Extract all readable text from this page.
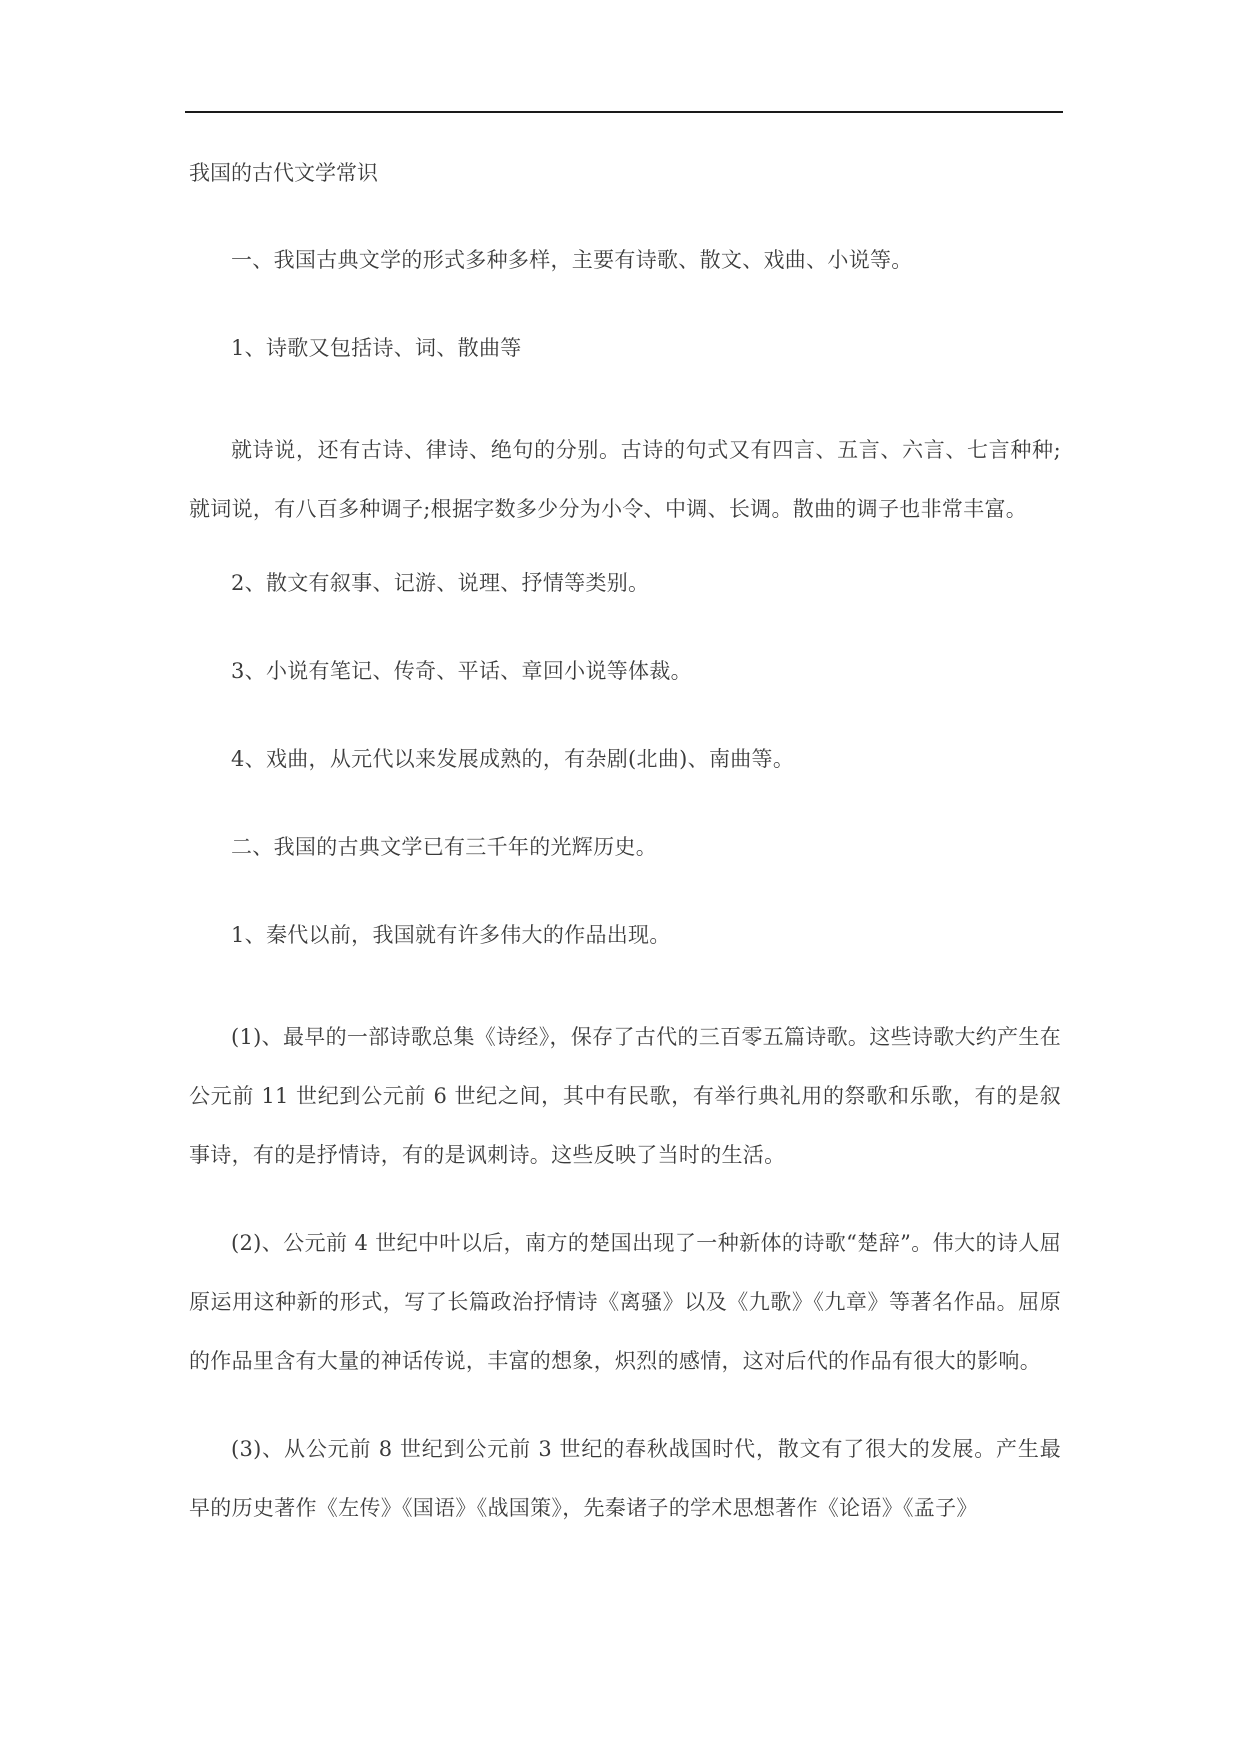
我国的古代文学常识

一、我国古典文学的形式多种多样，主要有诗歌、散文、戏曲、小说等。

1、诗歌又包括诗、词、散曲等

就诗说，还有古诗、律诗、绝句的分别。古诗的句式又有四言、五言、六言、七言种种;就词说，有八百多种调子;根据字数多少分为小令、中调、长调。散曲的调子也非常丰富。

2、散文有叙事、记游、说理、抒情等类别。

3、小说有笔记、传奇、平话、章回小说等体裁。

4、戏曲，从元代以来发展成熟的，有杂剧(北曲)、南曲等。

二、我国的古典文学已有三千年的光辉历史。

1、秦代以前，我国就有许多伟大的作品出现。

(1)、最早的一部诗歌总集《诗经》，保存了古代的三百零五篇诗歌。这些诗歌大约产生在公元前 11 世纪到公元前 6 世纪之间，其中有民歌，有举行典礼用的祭歌和乐歌，有的是叙事诗，有的是抒情诗，有的是讽刺诗。这些反映了当时的生活。

(2)、公元前 4 世纪中叶以后，南方的楚国出现了一种新体的诗歌“楚辞”。伟大的诗人屈原运用这种新的形式，写了长篇政治抒情诗《离骚》以及《九歌》《九章》等著名作品。屈原的作品里含有大量的神话传说，丰富的想象，炽烈的感情，这对后代的作品有很大的影响。

(3)、从公元前 8 世纪到公元前 3 世纪的春秋战国时代，散文有了很大的发展。产生最早的历史著作《左传》《国语》《战国策》，先秦诸子的学术思想著作《论语》《孟子》
